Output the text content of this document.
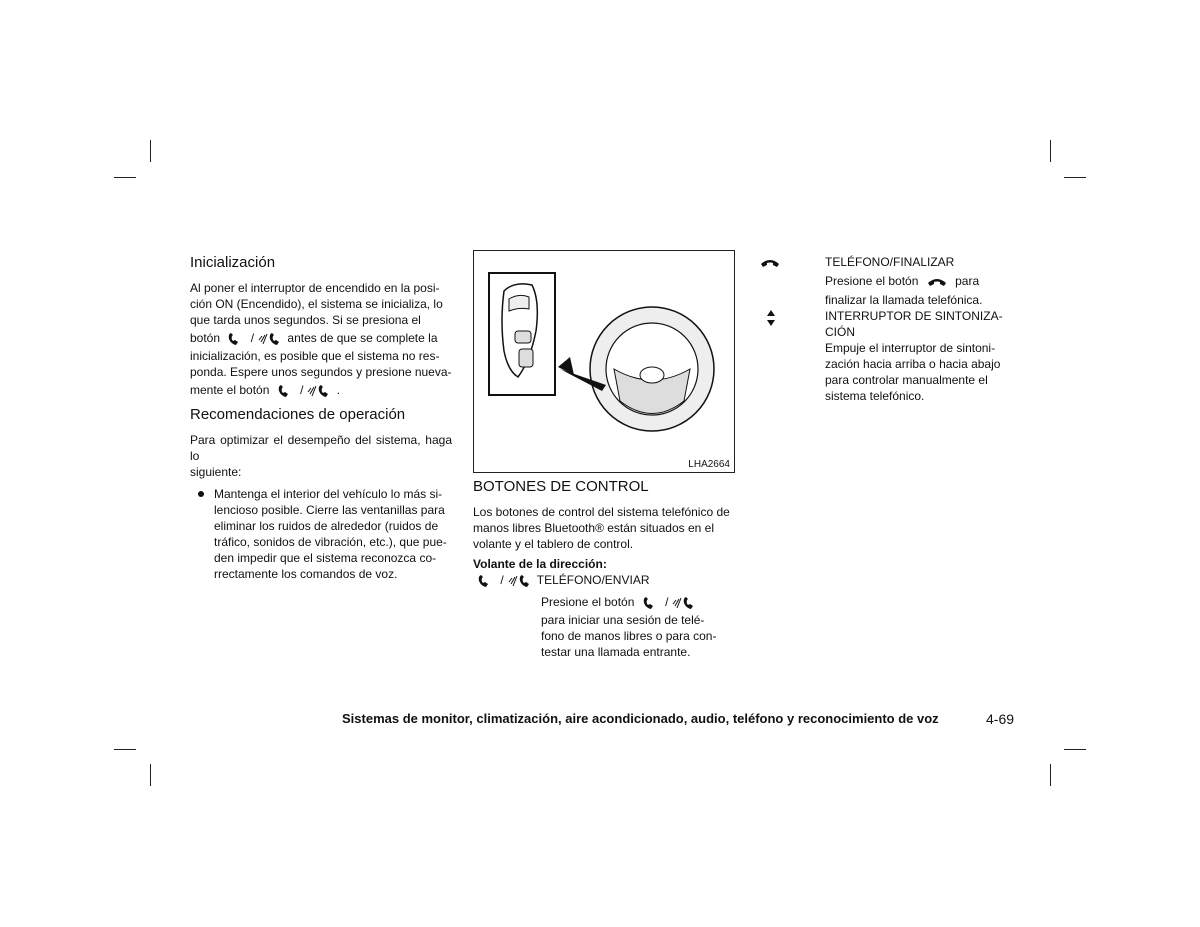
Inicialización
Al poner el interruptor de encendido en la posi-
ción ON (Encendido), el sistema se inicializa, lo
que tarda unos segundos. Si se presiona el
botón  /	antes de que se complete la
inicialización, es posible que el sistema no res-
ponda. Espere unos segundos y presione nueva-
mente el botón  /	.
Recomendaciones de operación
Para optimizar el desempeño del sistema, haga lo
siguiente:
Mantenga el interior del vehículo lo más si-
lencioso posible. Cierre las ventanillas para
eliminar los ruidos de alrededor (ruidos de
tráfico, sonidos de vibración, etc.), que pue-
den impedir que el sistema reconozca co-
rrectamente los comandos de voz.
LHA2664
BOTONES DE CONTROL
Los botones de control del sistema telefónico de
manos libres Bluetooth® están situados en el
volante y el tablero de control.
Volante de la dirección:
/	TELÉFONO/ENVIAR
Presione el botón  /
para iniciar una sesión de telé-
fono de manos libres o para con-
testar una llamada entrante.
TELÉFONO/FINALIZAR
Presione el botón	para
finalizar la llamada telefónica.
INTERRUPTOR DE SINTONIZA-
CIÓN
Empuje el interruptor de sintoni-
zación hacia arriba o hacia abajo
para controlar manualmente el
sistema telefónico.
Sistemas de monitor, climatización, aire acondicionado, audio, teléfono y reconocimiento de voz	4-69
